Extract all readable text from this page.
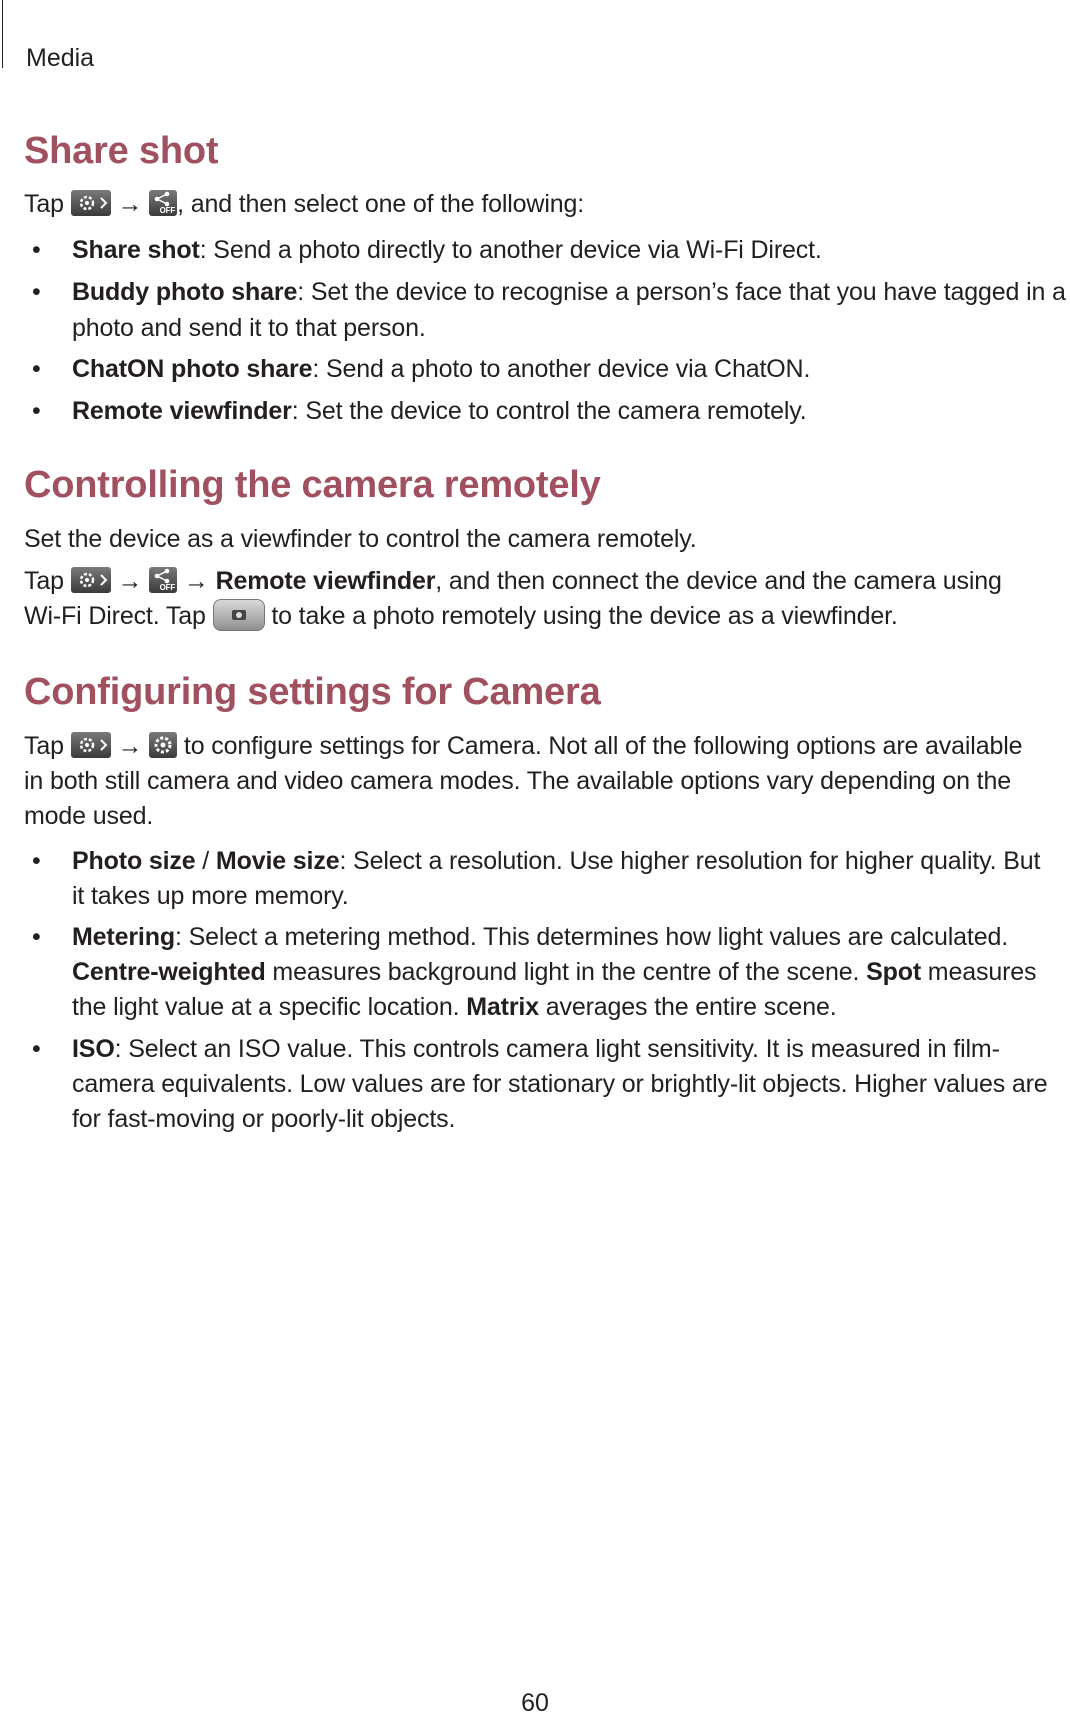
Media
Share shot
Tap → OFF , and then select one of the following:
• Share shot: Send a photo directly to another device via Wi-Fi Direct.
• Buddy photo share: Set the device to recognise a person’s face that you have tagged in a
photo and send it to that person.
• ChatON photo share: Send a photo to another device via ChatON.
• Remote viewfinder: Set the device to control the camera remotely.
Controlling the camera remotely
Set the device as a viewfinder to control the camera remotely.
Tap → OFF → Remote viewfinder, and then connect the device and the camera using
Wi-Fi Direct. Tap	to take a photo remotely using the device as a viewfinder.
Configuring settings for Camera
Tap → to configure settings for Camera. Not all of the following options are available
in both still camera and video camera modes. The available options vary depending on the
mode used.
• Photo size / Movie size: Select a resolution. Use higher resolution for higher quality. But
it takes up more memory.
• Metering: Select a metering method. This determines how light values are calculated.
Centre-weighted measures background light in the centre of the scene. Spot measures
the light value at a specific location. Matrix averages the entire scene.
• ISO: Select an ISO value. This controls camera light sensitivity. It is measured in film-
camera equivalents. Low values are for stationary or brightly-lit objects. Higher values are
for fast-moving or poorly-lit objects.
60
